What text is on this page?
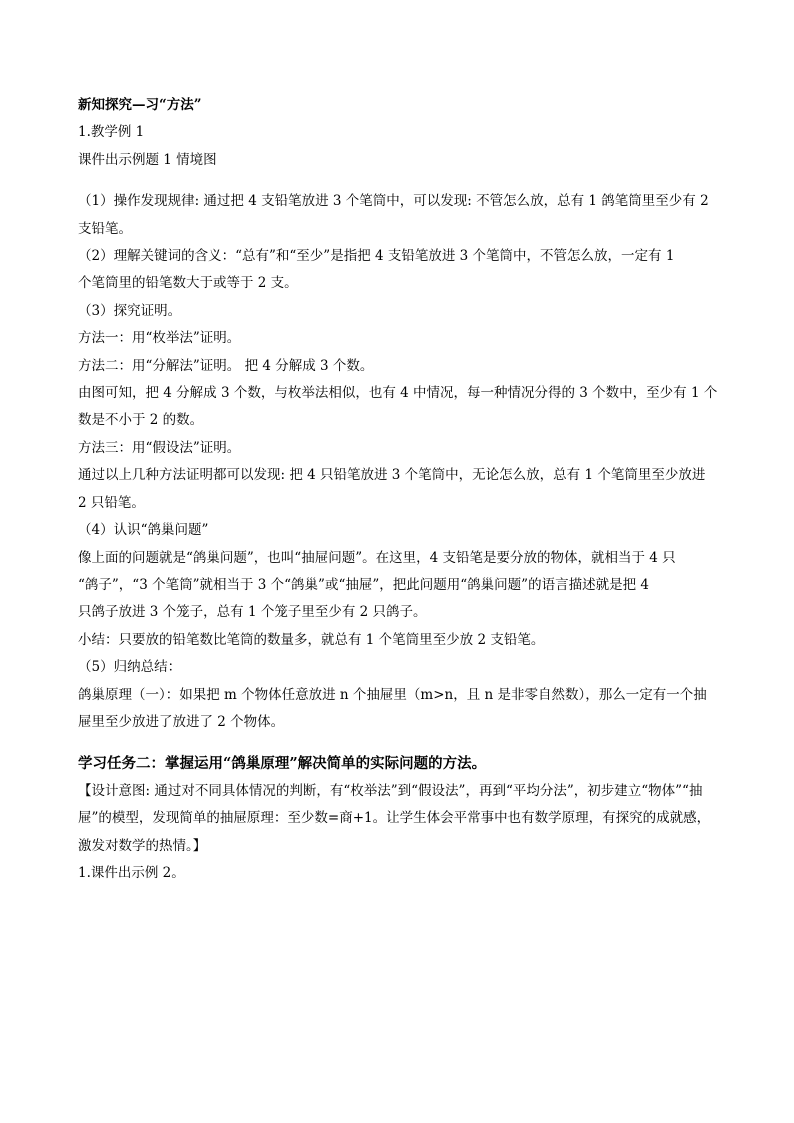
新知探究—习“方法”
1.教学例 1
课件出示例题 1 情境图
（1）操作发现规律: 通过把 4 支铅笔放进 3 个笔筒中，可以发现: 不管怎么放，总有 1 鸽笔筒里至少有 2
支铅笔。
（2）理解关键词的含义：“总有”和“至少”是指把 4 支铅笔放进 3 个笔筒中，不管怎么放，一定有 1
个笔筒里的铅笔数大于或等于 2 支。
（3）探究证明。
方法一：用“枚举法”证明。
方法二：用“分解法”证明。 把 4 分解成 3 个数。
由图可知，把 4 分解成 3 个数，与枚举法相似，也有 4 中情况，每一种情况分得的 3 个数中，至少有 1 个
数是不小于 2 的数。
方法三：用“假设法”证明。
通过以上几种方法证明都可以发现: 把 4 只铅笔放进 3 个笔筒中，无论怎么放，总有 1 个笔筒里至少放进
2 只铅笔。
（4）认识“鸽巢问题”
像上面的问题就是“鸽巢问题”，也叫“抽屉问题”。在这里，4 支铅笔是要分放的物体，就相当于 4 只
“鸽子”，“3 个笔筒”就相当于 3 个“鸽巢”或“抽屉”，把此问题用“鸽巢问题”的语言描述就是把 4
只鸽子放进 3 个笼子，总有 1 个笼子里至少有 2 只鸽子。
小结：只要放的铅笔数比笔筒的数量多，就总有 1 个笔筒里至少放 2 支铅笔。
（5）归纳总结：
鸽巢原理（一）：如果把 m 个物体任意放进 n 个抽屉里（m>n，且 n 是非零自然数），那么一定有一个抽
屉里至少放进了放进了 2 个物体。
学习任务二：掌握运用“鸽巢原理”解决简单的实际问题的方法。
【设计意图: 通过对不同具体情况的判断，有“枚举法”到“假设法”，再到“平均分法”，初步建立“物体”“抽
屉”的模型，发现简单的抽屉原理：至少数=商+1。让学生体会平常事中也有数学原理，有探究的成就感，
激发对数学的热情。】
1.课件出示例 2。
